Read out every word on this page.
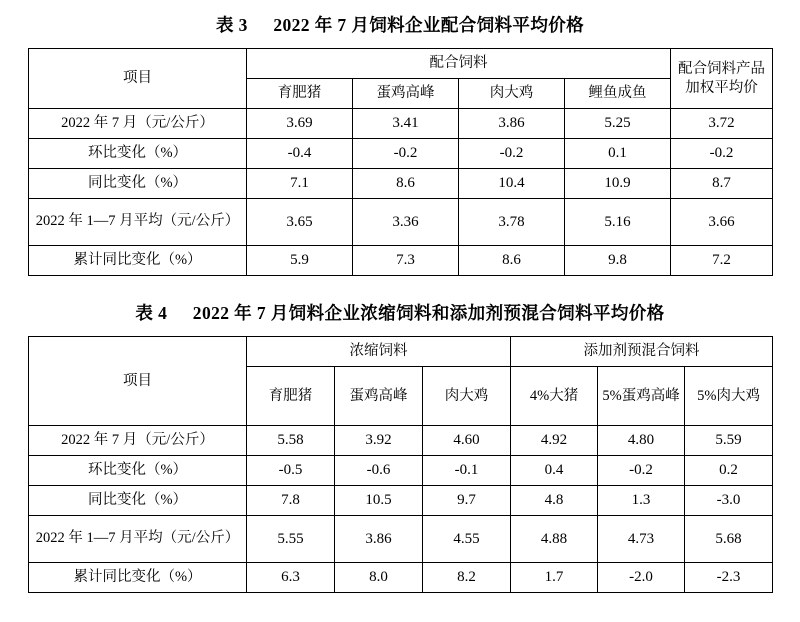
表 3 2022 年 7 月饲料企业配合饲料平均价格
项目	配合饲料				配合饲料产品加权平均价
	育肥猪	蛋鸡高峰	肉大鸡	鲤鱼成鱼	
2022 年 7 月（元/公斤）	3.69	3.41	3.86	5.25	3.72
环比变化（%）	-0.4	-0.2	-0.2	0.1	-0.2
同比变化（%）	7.1	8.6	10.4	10.9	8.7
2022 年 1—7 月平均（元/公斤）	3.65	3.36	3.78	5.16	3.66
累计同比变化（%）	5.9	7.3	8.6	9.8	7.2
表 4 2022 年 7 月饲料企业浓缩饲料和添加剂预混合饲料平均价格
项目	浓缩饲料			添加剂预混合饲料		
	育肥猪	蛋鸡高峰	肉大鸡	4%大猪	5%蛋鸡高峰	5%肉大鸡
2022 年 7 月（元/公斤）	5.58	3.92	4.60	4.92	4.80	5.59
环比变化（%）	-0.5	-0.6	-0.1	0.4	-0.2	0.2
同比变化（%）	7.8	10.5	9.7	4.8	1.3	-3.0
2022 年 1—7 月平均（元/公斤）	5.55	3.86	4.55	4.88	4.73	5.68
累计同比变化（%）	6.3	8.0	8.2	1.7	-2.0	-2.3
